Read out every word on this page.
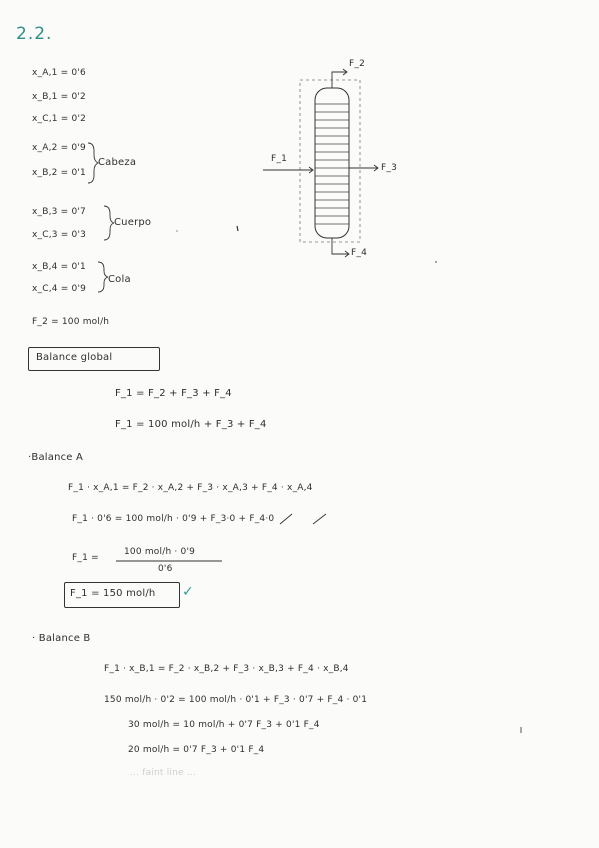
2.2.
x_A,1 = 0'6
x_B,1 = 0'2
x_C,1 = 0'2
x_A,2 = 0'9
x_B,2 = 0'1
Cabeza
x_B,3 = 0'7
x_C,3 = 0'3
Cuerpo
x_B,4 = 0'1
x_C,4 = 0'9
Cola
F_2 = 100 mol/h
F_2
F_1
F_3
F_4
Balance global
F_1 = F_2 + F_3 + F_4
F_1 = 100 mol/h + F_3 + F_4
·Balance A
F_1 · x_A,1 = F_2 · x_A,2 + F_3 · x_A,3 + F_4 · x_A,4
F_1 · 0'6 = 100 mol/h · 0'9 + F_3·0 + F_4·0
F_1 =
100 mol/h · 0'9
0'6
F_1 = 150 mol/h ✓
· Balance B
F_1 · x_B,1 = F_2 · x_B,2 + F_3 · x_B,3 + F_4 · x_B,4
150 mol/h · 0'2 = 100 mol/h · 0'1 + F_3 · 0'7 + F_4 · 0'1
30 mol/h = 10 mol/h + 0'7 F_3 + 0'1 F_4
20 mol/h = 0'7 F_3 + 0'1 F_4
... faint line ...
